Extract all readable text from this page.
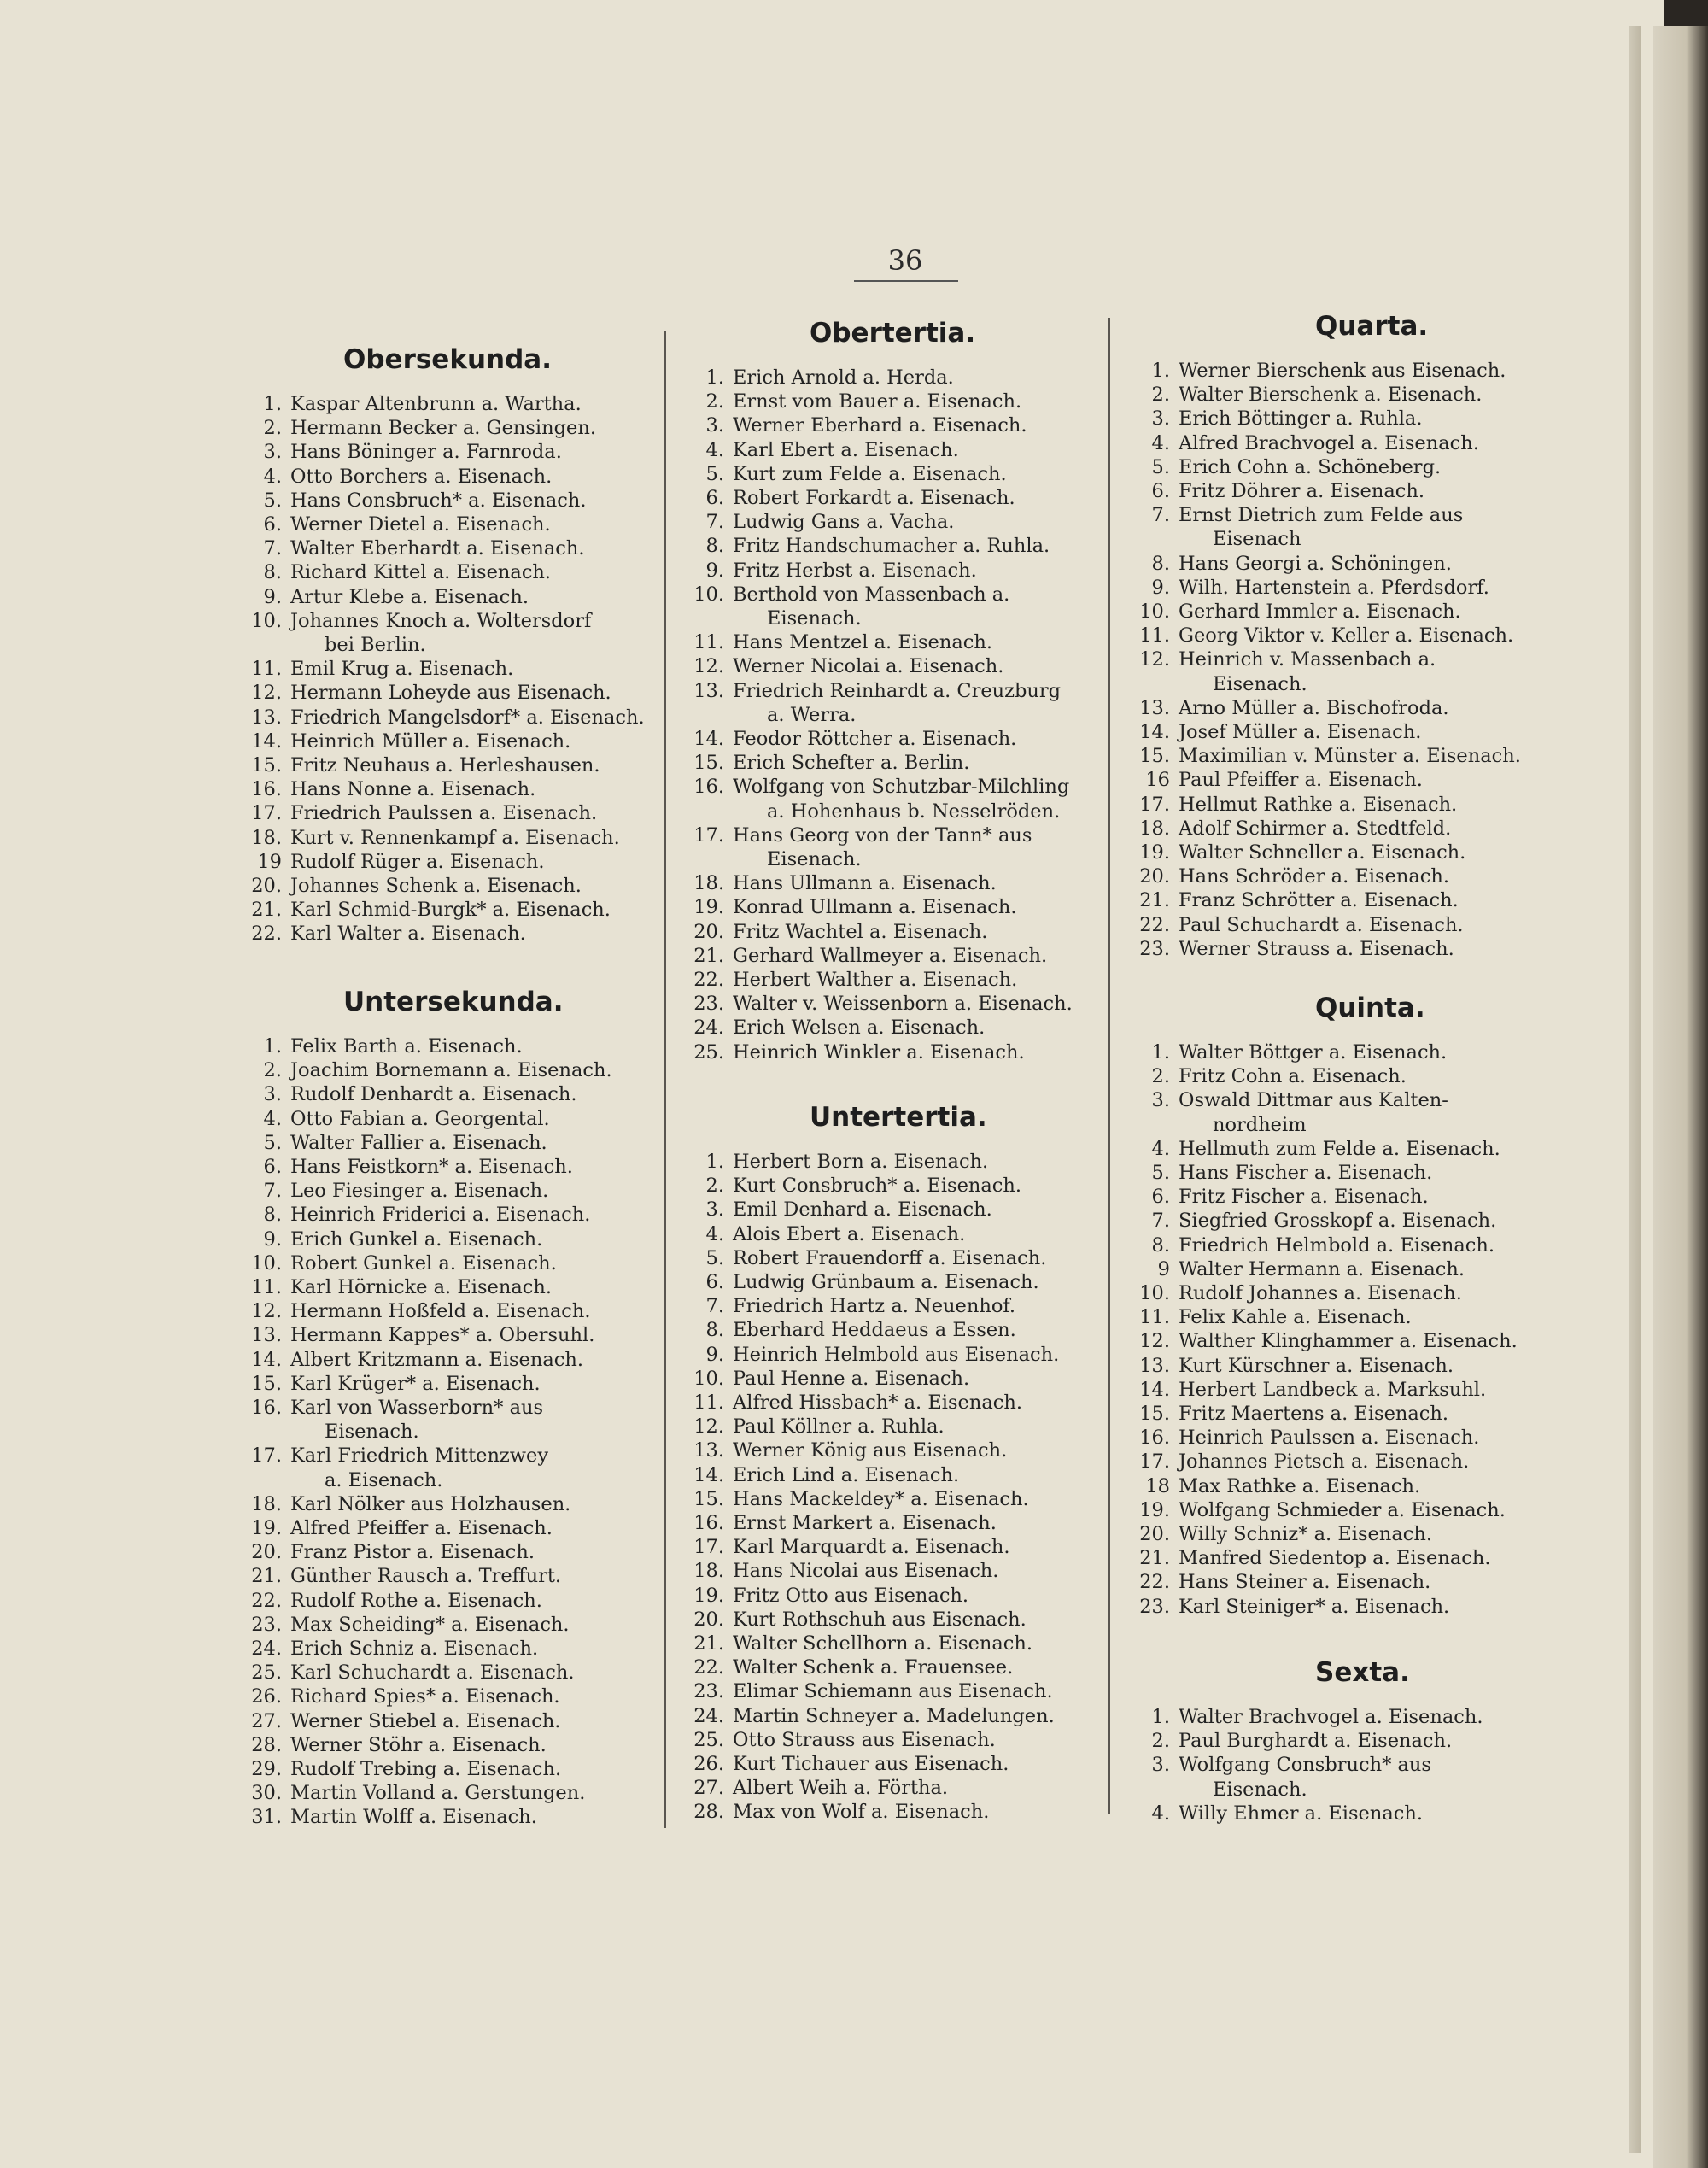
36
Obersekunda.
1. Kaspar Altenbrunn a. Wartha.
2. Hermann Becker a. Gensingen.
3. Hans Böninger a. Farnroda.
4. Otto Borchers a. Eisenach.
5. Hans Consbruch* a. Eisenach.
6. Werner Dietel a. Eisenach.
7. Walter Eberhardt a. Eisenach.
8. Richard Kittel a. Eisenach.
9. Artur Klebe a. Eisenach.
10. Johannes Knoch a. Woltersdorf
bei Berlin.
11. Emil Krug a. Eisenach.
12. Hermann Loheyde aus Eisenach.
13. Friedrich Mangelsdorf* a. Eisenach.
14. Heinrich Müller a. Eisenach.
15. Fritz Neuhaus a. Herleshausen.
16. Hans Nonne a. Eisenach.
17. Friedrich Paulssen a. Eisenach.
18. Kurt v. Rennenkampf a. Eisenach.
19 Rudolf Rüger a. Eisenach.
20. Johannes Schenk a. Eisenach.
21. Karl Schmid-Burgk* a. Eisenach.
22. Karl Walter a. Eisenach.
Untersekunda.
1. Felix Barth a. Eisenach.
2. Joachim Bornemann a. Eisenach.
3. Rudolf Denhardt a. Eisenach.
4. Otto Fabian a. Georgental.
5. Walter Fallier a. Eisenach.
6. Hans Feistkorn* a. Eisenach.
7. Leo Fiesinger a. Eisenach.
8. Heinrich Friderici a. Eisenach.
9. Erich Gunkel a. Eisenach.
10. Robert Gunkel a. Eisenach.
11. Karl Hörnicke a. Eisenach.
12. Hermann Hoßfeld a. Eisenach.
13. Hermann Kappes* a. Obersuhl.
14. Albert Kritzmann a. Eisenach.
15. Karl Krüger* a. Eisenach.
16. Karl von Wasserborn* aus
Eisenach.
17. Karl Friedrich Mittenzwey
a. Eisenach.
18. Karl Nölker aus Holzhausen.
19. Alfred Pfeiffer a. Eisenach.
20. Franz Pistor a. Eisenach.
21. Günther Rausch a. Treffurt.
22. Rudolf Rothe a. Eisenach.
23. Max Scheiding* a. Eisenach.
24. Erich Schniz a. Eisenach.
25. Karl Schuchardt a. Eisenach.
26. Richard Spies* a. Eisenach.
27. Werner Stiebel a. Eisenach.
28. Werner Stöhr a. Eisenach.
29. Rudolf Trebing a. Eisenach.
30. Martin Volland a. Gerstungen.
31. Martin Wolff a. Eisenach.
Obertertia.
1. Erich Arnold a. Herda.
2. Ernst vom Bauer a. Eisenach.
3. Werner Eberhard a. Eisenach.
4. Karl Ebert a. Eisenach.
5. Kurt zum Felde a. Eisenach.
6. Robert Forkardt a. Eisenach.
7. Ludwig Gans a. Vacha.
8. Fritz Handschumacher a. Ruhla.
9. Fritz Herbst a. Eisenach.
10. Berthold von Massenbach a.
Eisenach.
11. Hans Mentzel a. Eisenach.
12. Werner Nicolai a. Eisenach.
13. Friedrich Reinhardt a. Creuzburg
a. Werra.
14. Feodor Röttcher a. Eisenach.
15. Erich Schefter a. Berlin.
16. Wolfgang von Schutzbar-Milchling
a. Hohenhaus b. Nesselröden.
17. Hans Georg von der Tann* aus
Eisenach.
18. Hans Ullmann a. Eisenach.
19. Konrad Ullmann a. Eisenach.
20. Fritz Wachtel a. Eisenach.
21. Gerhard Wallmeyer a. Eisenach.
22. Herbert Walther a. Eisenach.
23. Walter v. Weissenborn a. Eisenach.
24. Erich Welsen a. Eisenach.
25. Heinrich Winkler a. Eisenach.
Untertertia.
1. Herbert Born a. Eisenach.
2. Kurt Consbruch* a. Eisenach.
3. Emil Denhard a. Eisenach.
4. Alois Ebert a. Eisenach.
5. Robert Frauendorff a. Eisenach.
6. Ludwig Grünbaum a. Eisenach.
7. Friedrich Hartz a. Neuenhof.
8. Eberhard Heddaeus a Essen.
9. Heinrich Helmbold aus Eisenach.
10. Paul Henne a. Eisenach.
11. Alfred Hissbach* a. Eisenach.
12. Paul Köllner a. Ruhla.
13. Werner König aus Eisenach.
14. Erich Lind a. Eisenach.
15. Hans Mackeldey* a. Eisenach.
16. Ernst Markert a. Eisenach.
17. Karl Marquardt a. Eisenach.
18. Hans Nicolai aus Eisenach.
19. Fritz Otto aus Eisenach.
20. Kurt Rothschuh aus Eisenach.
21. Walter Schellhorn a. Eisenach.
22. Walter Schenk a. Frauensee.
23. Elimar Schiemann aus Eisenach.
24. Martin Schneyer a. Madelungen.
25. Otto Strauss aus Eisenach.
26. Kurt Tichauer aus Eisenach.
27. Albert Weih a. Förtha.
28. Max von Wolf a. Eisenach.
Quarta.
1. Werner Bierschenk aus Eisenach.
2. Walter Bierschenk a. Eisenach.
3. Erich Böttinger a. Ruhla.
4. Alfred Brachvogel a. Eisenach.
5. Erich Cohn a. Schöneberg.
6. Fritz Döhrer a. Eisenach.
7. Ernst Dietrich zum Felde aus
Eisenach
8. Hans Georgi a. Schöningen.
9. Wilh. Hartenstein a. Pferdsdorf.
10. Gerhard Immler a. Eisenach.
11. Georg Viktor v. Keller a. Eisenach.
12. Heinrich v. Massenbach a.
Eisenach.
13. Arno Müller a. Bischofroda.
14. Josef Müller a. Eisenach.
15. Maximilian v. Münster a. Eisenach.
16 Paul Pfeiffer a. Eisenach.
17. Hellmut Rathke a. Eisenach.
18. Adolf Schirmer a. Stedtfeld.
19. Walter Schneller a. Eisenach.
20. Hans Schröder a. Eisenach.
21. Franz Schrötter a. Eisenach.
22. Paul Schuchardt a. Eisenach.
23. Werner Strauss a. Eisenach.
Quinta.
1. Walter Böttger a. Eisenach.
2. Fritz Cohn a. Eisenach.
3. Oswald Dittmar aus Kalten-
nordheim
4. Hellmuth zum Felde a. Eisenach.
5. Hans Fischer a. Eisenach.
6. Fritz Fischer a. Eisenach.
7. Siegfried Grosskopf a. Eisenach.
8. Friedrich Helmbold a. Eisenach.
9 Walter Hermann a. Eisenach.
10. Rudolf Johannes a. Eisenach.
11. Felix Kahle a. Eisenach.
12. Walther Klinghammer a. Eisenach.
13. Kurt Kürschner a. Eisenach.
14. Herbert Landbeck a. Marksuhl.
15. Fritz Maertens a. Eisenach.
16. Heinrich Paulssen a. Eisenach.
17. Johannes Pietsch a. Eisenach.
18 Max Rathke a. Eisenach.
19. Wolfgang Schmieder a. Eisenach.
20. Willy Schniz* a. Eisenach.
21. Manfred Siedentop a. Eisenach.
22. Hans Steiner a. Eisenach.
23. Karl Steiniger* a. Eisenach.
Sexta.
1. Walter Brachvogel a. Eisenach.
2. Paul Burghardt a. Eisenach.
3. Wolfgang Consbruch* aus
Eisenach.
4. Willy Ehmer a. Eisenach.
